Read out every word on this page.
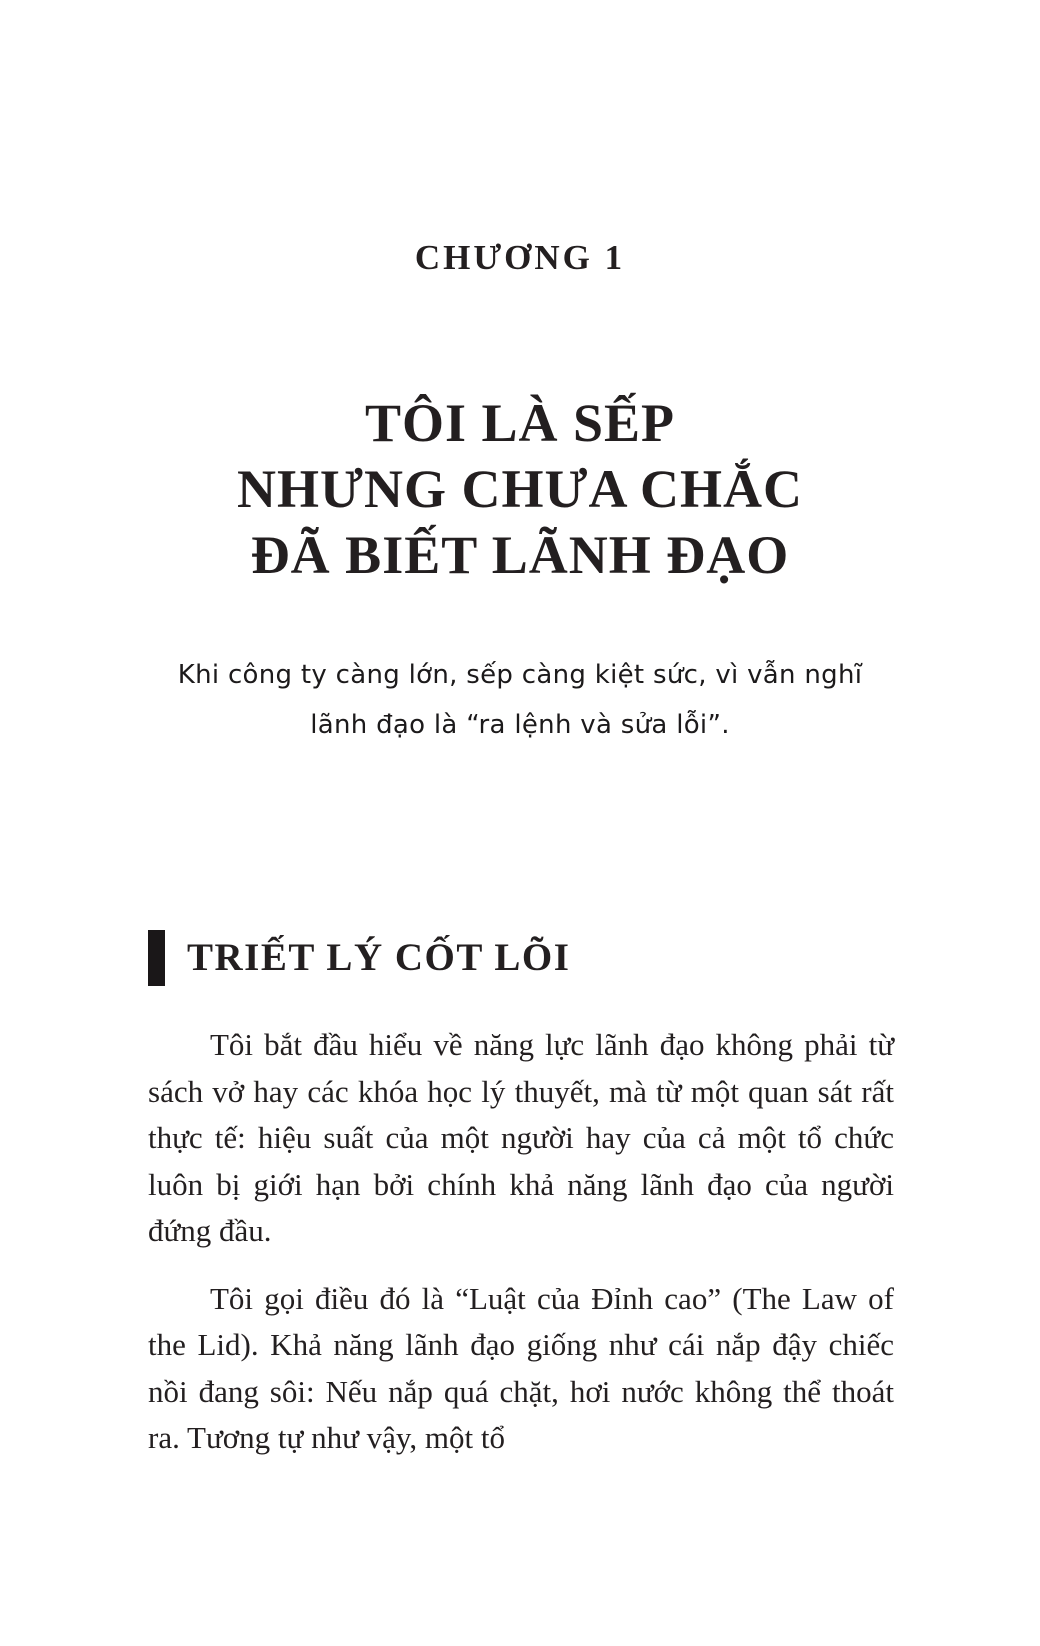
CHƯƠNG 1
TÔI LÀ SẾP
NHƯNG CHƯA CHẮC
ĐÃ BIẾT LÃNH ĐẠO
Khi công ty càng lớn, sếp càng kiệt sức, vì vẫn nghĩ
lãnh đạo là “ra lệnh và sửa lỗi”.
TRIẾT LÝ CỐT LÕI

Tôi bắt đầu hiểu về năng lực lãnh đạo không phải từ sách vở hay các khóa học lý thuyết, mà từ một quan sát rất thực tế: hiệu suất của một người hay của cả một tổ chức luôn bị giới hạn bởi chính khả năng lãnh đạo của người đứng đầu.

Tôi gọi điều đó là “Luật của Đỉnh cao” (The Law of the Lid). Khả năng lãnh đạo giống như cái nắp đậy chiếc nồi đang sôi: Nếu nắp quá chặt, hơi nước không thể thoát ra. Tương tự như vậy, một tổ
